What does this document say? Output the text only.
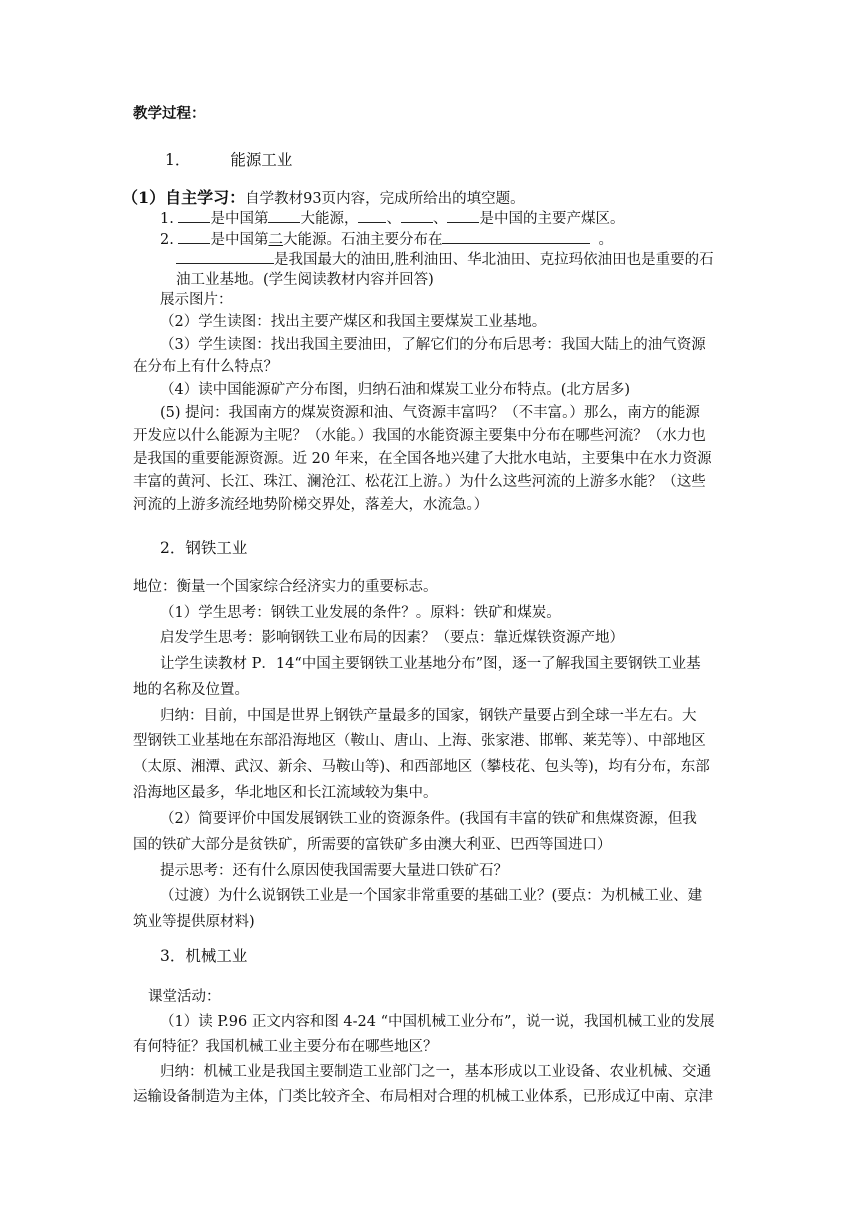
教学过程：
1．	能源工业
（1）自主学习：自学教材93页内容，完成所给出的填空题。
1.	是中国第 大能源， 、 、 是中国的主要产煤区。
2.	是中国第二大能源。石油主要分布在	。
是我国最大的油田,胜利油田、华北油田、克拉玛依油田也是重要的石
油工业基地。(学生阅读教材内容并回答)
展示图片：
（2）学生读图：找出主要产煤区和我国主要煤炭工业基地。
（3）学生读图：找出我国主要油田，了解它们的分布后思考：我国大陆上的油气资源
在分布上有什么特点？
（4）读中国能源矿产分布图，归纳石油和煤炭工业分布特点。(北方居多)
(5) 提问：我国南方的煤炭资源和油、气资源丰富吗？（不丰富。）那么，南方的能源
开发应以什么能源为主呢？（水能。）我国的水能资源主要集中分布在哪些河流？（水力也
是我国的重要能源资源。近 20 年来，在全国各地兴建了大批水电站，主要集中在水力资源
丰富的黄河、长江、珠江、澜沧江、松花江上游。）为什么这些河流的上游多水能？（这些
河流的上游多流经地势阶梯交界处，落差大，水流急。）
2．钢铁工业
地位：衡量一个国家综合经济实力的重要标志。
（1）学生思考：钢铁工业发展的条件？。原料：铁矿和煤炭。
启发学生思考：影响钢铁工业布局的因素？（要点：靠近煤铁资源产地）
让学生读教材 P．14“中国主要钢铁工业基地分布”图，逐一了解我国主要钢铁工业基
地的名称及位置。
归纳：目前，中国是世界上钢铁产量最多的国家，钢铁产量要占到全球一半左右。大
型钢铁工业基地在东部沿海地区（鞍山、唐山、上海、张家港、邯郸、莱芜等）、中部地区
（太原、湘潭、武汉、新余、马鞍山等)、和西部地区（攀枝花、包头等)，均有分布，东部
沿海地区最多，华北地区和长江流域较为集中。
（2）简要评价中国发展钢铁工业的资源条件。(我国有丰富的铁矿和焦煤资源，但我
国的铁矿大部分是贫铁矿，所需要的富铁矿多由澳大利亚、巴西等国进口）
提示思考：还有什么原因使我国需要大量进口铁矿石？
（过渡）为什么说钢铁工业是一个国家非常重要的基础工业？(要点：为机械工业、建
筑业等提供原材料)
3．机械工业
课堂活动：
（1）读 P.96 正文内容和图 4-24 “中国机械工业分布”，说一说，我国机械工业的发展
有何特征？我国机械工业主要分布在哪些地区？
归纳：机械工业是我国主要制造工业部门之一，基本形成以工业设备、农业机械、交通
运输设备制造为主体，门类比较齐全、布局相对合理的机械工业体系，已形成辽中南、京津
